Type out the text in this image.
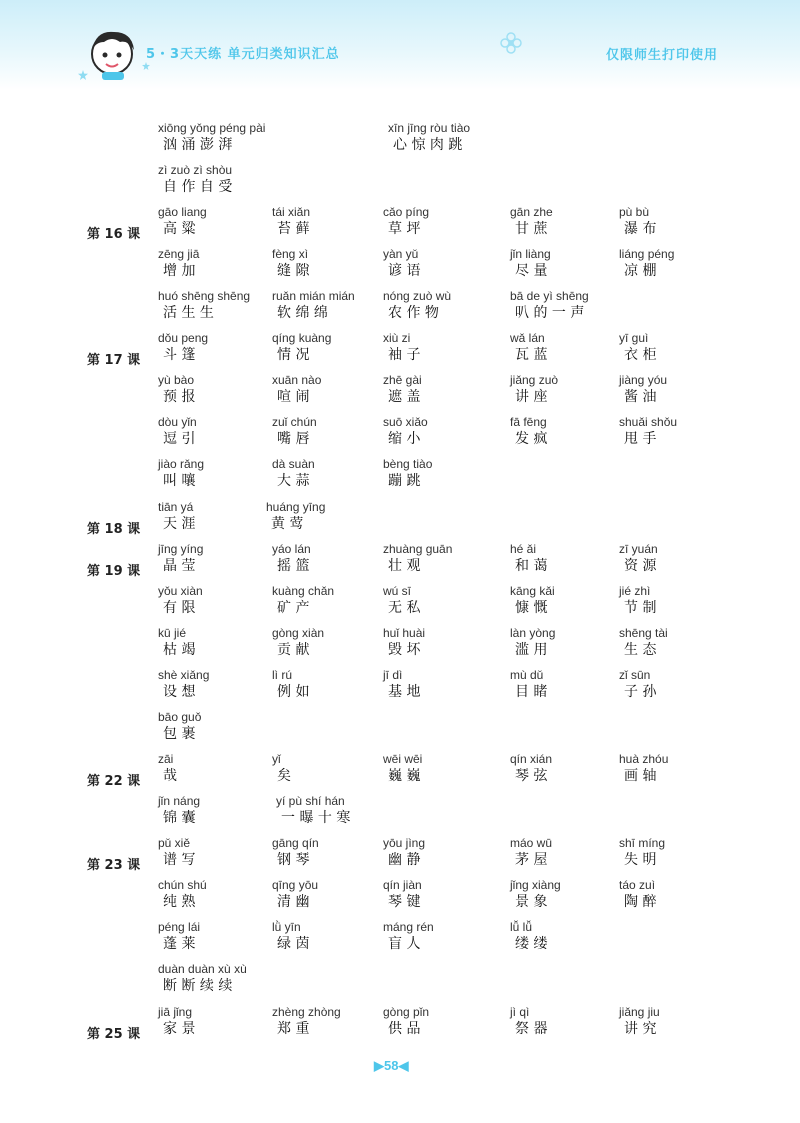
5・3天天练 单元归类知识汇总	仅限师生打印使用
xiōng yǒng péng pài
汹 涌 澎 湃
xīn jīng ròu tiào
心 惊 肉 跳
zì zuò zì shòu
自 作 自 受
第 16 课
gāo liang
高 粱
tái xiǎn
苔 藓
cǎo píng
草 坪
gān zhe
甘 蔗
pù bù
瀑 布
zēng jiā
增 加
fèng xì
缝 隙
yàn yǔ
谚 语
jǐn liàng
尽 量
liáng péng
凉 棚
huó shēng shēng
活 生 生
ruǎn mián mián
软 绵 绵
nóng zuò wù
农 作 物
bā de yì shēng
叭 的 一 声
第 17 课
dǒu peng
斗 篷
qíng kuàng
情 况
xiù zi
袖 子
wǎ lán
瓦 蓝
yī guì
衣 柜
yù bào
预 报
xuān nào
喧 闹
zhē gài
遮 盖
jiǎng zuò
讲 座
jiàng yóu
酱 油
dòu yǐn
逗 引
zuǐ chún
嘴 唇
suō xiǎo
缩 小
fā fēng
发 疯
shuǎi shǒu
甩 手
jiào rǎng
叫 嚷
dà suàn
大 蒜
bèng tiào
蹦 跳
第 18 课
tiān yá
天 涯
huáng yīng
黄 莺
第 19 课
jīng yíng
晶 莹
yáo lán
摇 篮
zhuàng guān
壮 观
hé ǎi
和 蔼
zī yuán
资 源
yǒu xiàn
有 限
kuàng chǎn
矿 产
wú sī
无 私
kāng kǎi
慷 慨
jié zhì
节 制
kū jié
枯 竭
gòng xiàn
贡 献
huǐ huài
毁 坏
làn yòng
滥 用
shēng tài
生 态
shè xiǎng
设 想
lì rú
例 如
jī dì
基 地
mù dǔ
目 睹
zǐ sūn
子 孙
bāo guǒ
包 裹
第 22 课
zāi
哉
yǐ
矣
wēi wēi
巍 巍
qín xián
琴 弦
huà zhóu
画 轴
jǐn náng
锦 囊
yí pù shí hán
一 曝 十 寒
第 23 课
pǔ xiě
谱 写
gāng qín
钢 琴
yōu jìng
幽 静
máo wū
茅 屋
shī míng
失 明
chún shú
纯 熟
qīng yōu
清 幽
qín jiàn
琴 键
jǐng xiàng
景 象
táo zuì
陶 醉
péng lái
蓬 莱
lǜ yīn
绿 茵
máng rén
盲 人
lǚ lǚ
缕 缕
duàn duàn xù xù
断 断 续 续
第 25 课
jiā jǐng
家 景
zhèng zhòng
郑 重
gòng pǐn
供 品
jì qì
祭 器
jiǎng jiu
讲 究
▶58◀
